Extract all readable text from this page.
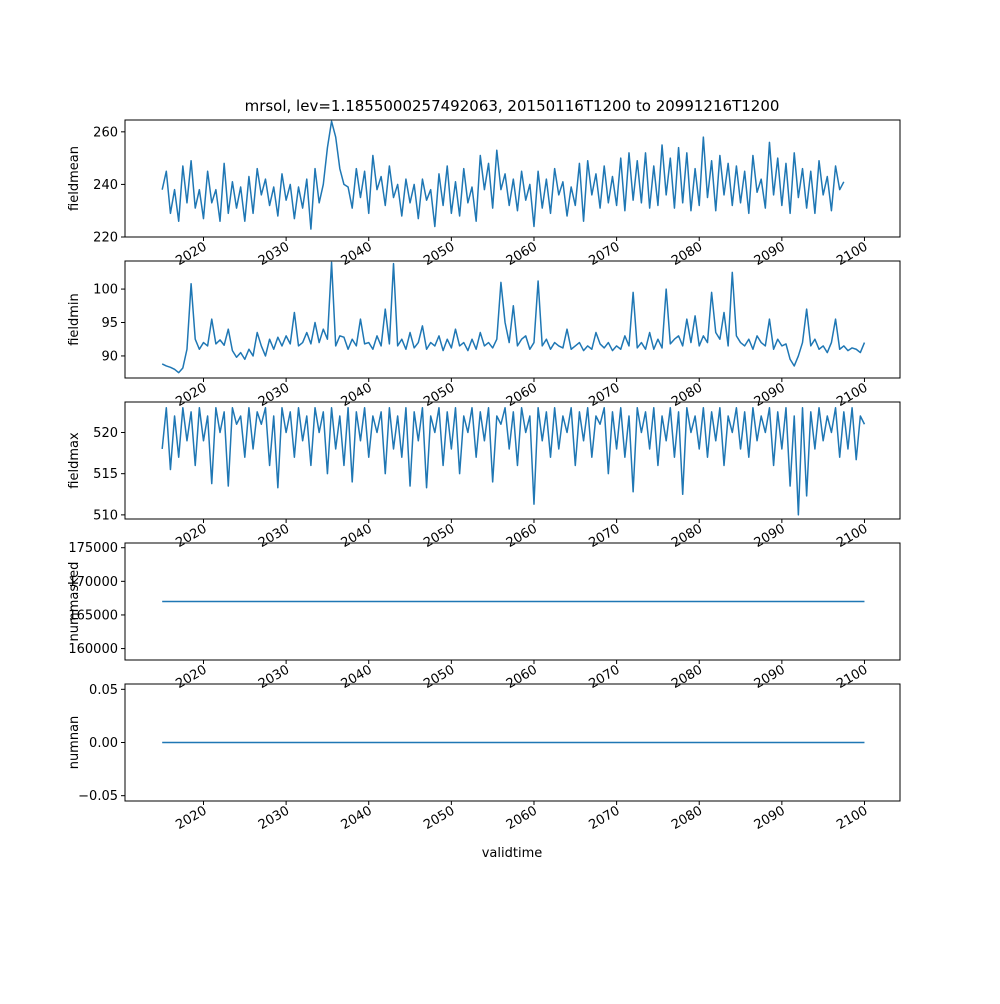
mrsol, lev=1.1855000257492063, 20150116T1200 to 20991216T1200
validtime
220
240
260
fieldmean
2020	2030	2040	2050	2060	2070	2080	2090	2100
90
95
100
fieldmin
2020	2030	2040	2050	2060	2070	2080	2090	2100
510
515
520
fieldmax
2020	2030	2040	2050	2060	2070	2080	2090	2100
160000
165000
170000
175000
nummasked
2020	2030	2040	2050	2060	2070	2080	2090	2100
−0.05
0.00
0.05
numnan
2020	2030	2040	2050	2060	2070	2080	2090	2100
